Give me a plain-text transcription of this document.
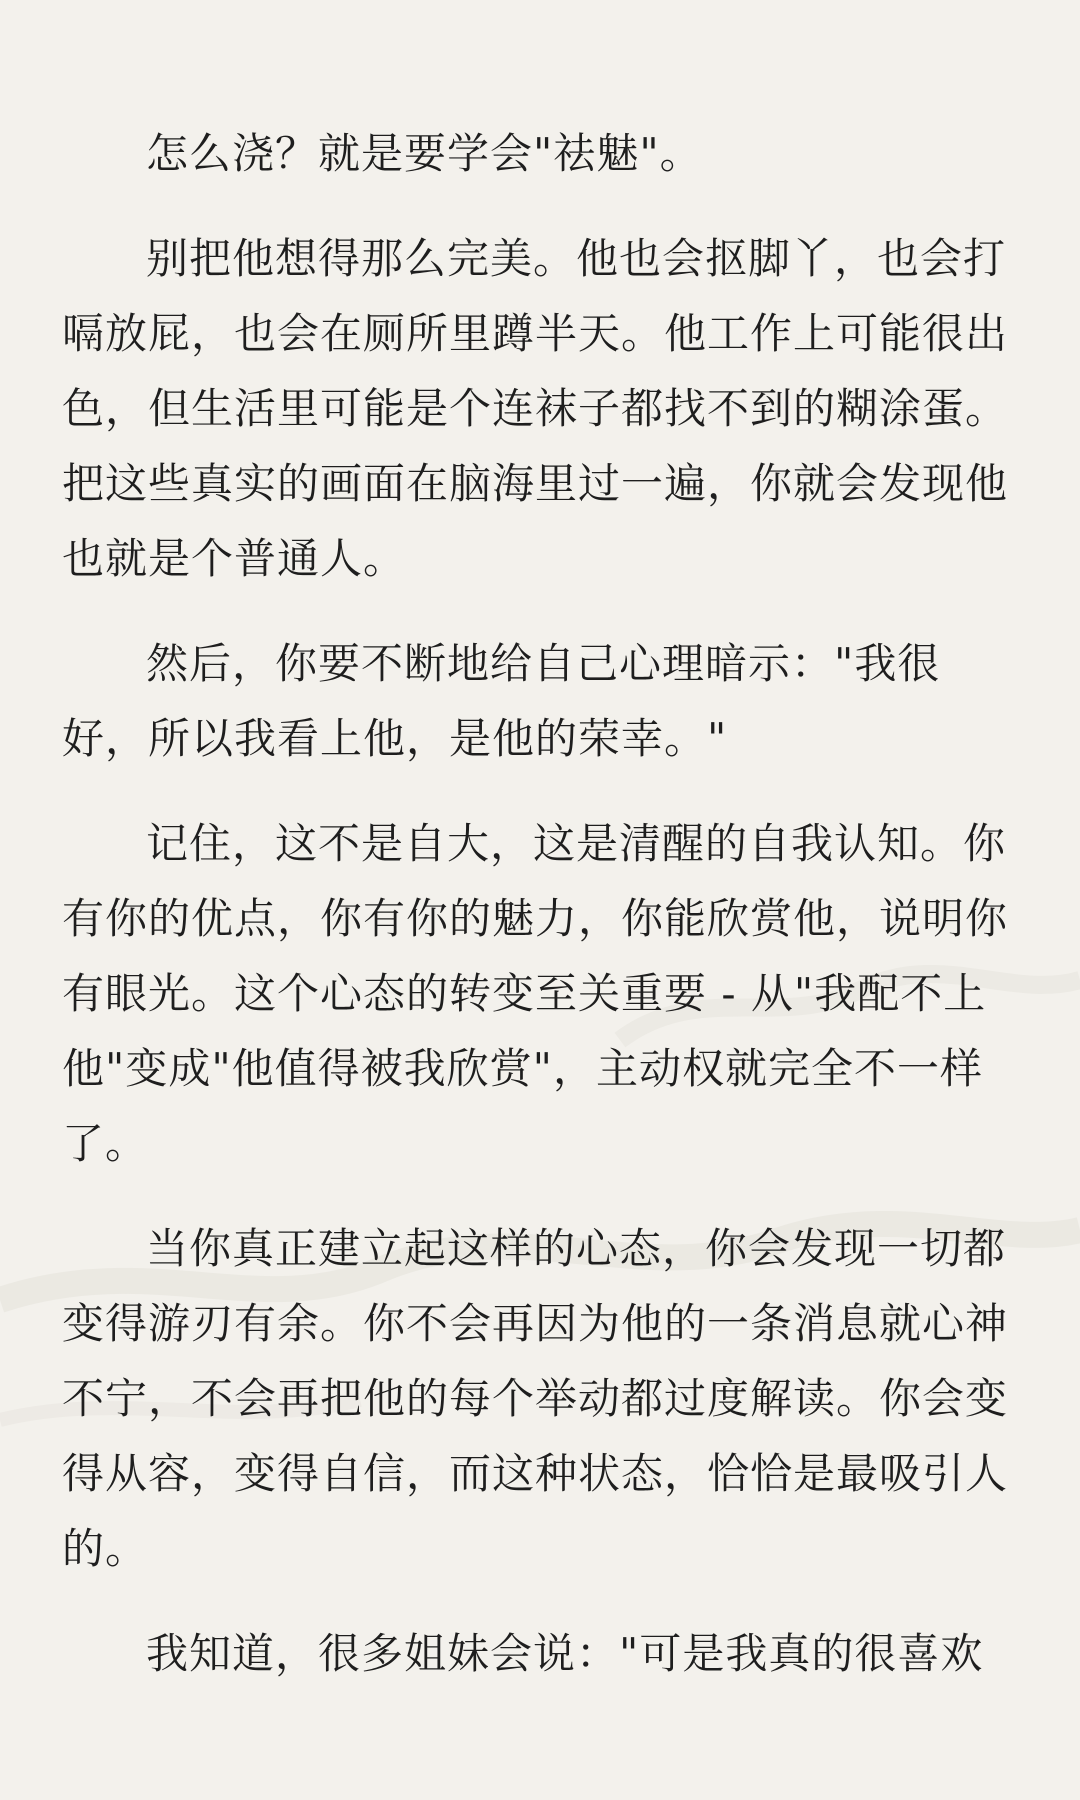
怎么浇？就是要学会"祛魅"。

别把他想得那么完美。他也会抠脚丫，也会打
嗝放屁，也会在厕所里蹲半天。他工作上可能很出
色，但生活里可能是个连袜子都找不到的糊涂蛋。
把这些真实的画面在脑海里过一遍，你就会发现他
也就是个普通人。

然后，你要不断地给自己心理暗示："我很
好，所以我看上他，是他的荣幸。"

记住，这不是自大，这是清醒的自我认知。你
有你的优点，你有你的魅力，你能欣赏他，说明你
有眼光。这个心态的转变至关重要 - 从"我配不上
他"变成"他值得被我欣赏"，主动权就完全不一样
了。

当你真正建立起这样的心态，你会发现一切都
变得游刃有余。你不会再因为他的一条消息就心神
不宁，不会再把他的每个举动都过度解读。你会变
得从容，变得自信，而这种状态，恰恰是最吸引人
的。

我知道，很多姐妹会说："可是我真的很喜欢
